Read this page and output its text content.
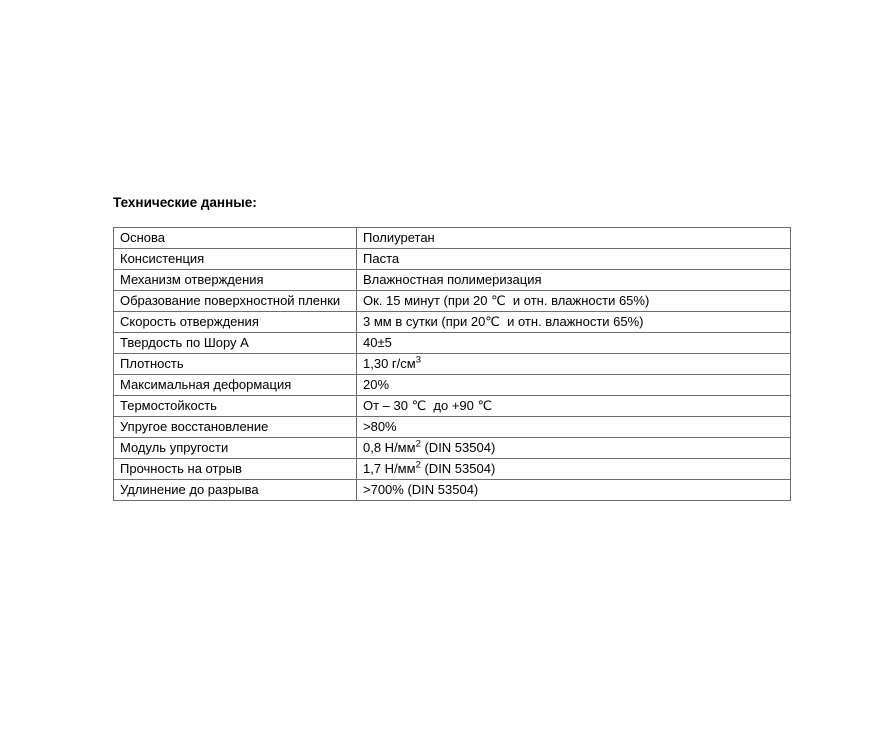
Технические данные:
Основа	Полиуретан
Консистенция	Паста
Механизм отверждения	Влажностная полимеризация
Образование поверхностной пленки	Ок. 15 минут (при 20 ℃  и отн. влажности 65%)
Скорость отверждения	3 мм в сутки (при 20℃  и отн. влажности 65%)
Твердость по Шору А	40±5
Плотность	1,30 $г/см^3$
Максимальная деформация	20%
Термостойкость	От – 30 ℃  до +90 ℃
Упругое восстановление	>80%
Модуль упругости	0,8 $Н/мм^2$ (DIN 53504)
Прочность на отрыв	1,7 $Н/мм^2$ (DIN 53504)
Удлинение до разрыва	>700% (DIN 53504)
